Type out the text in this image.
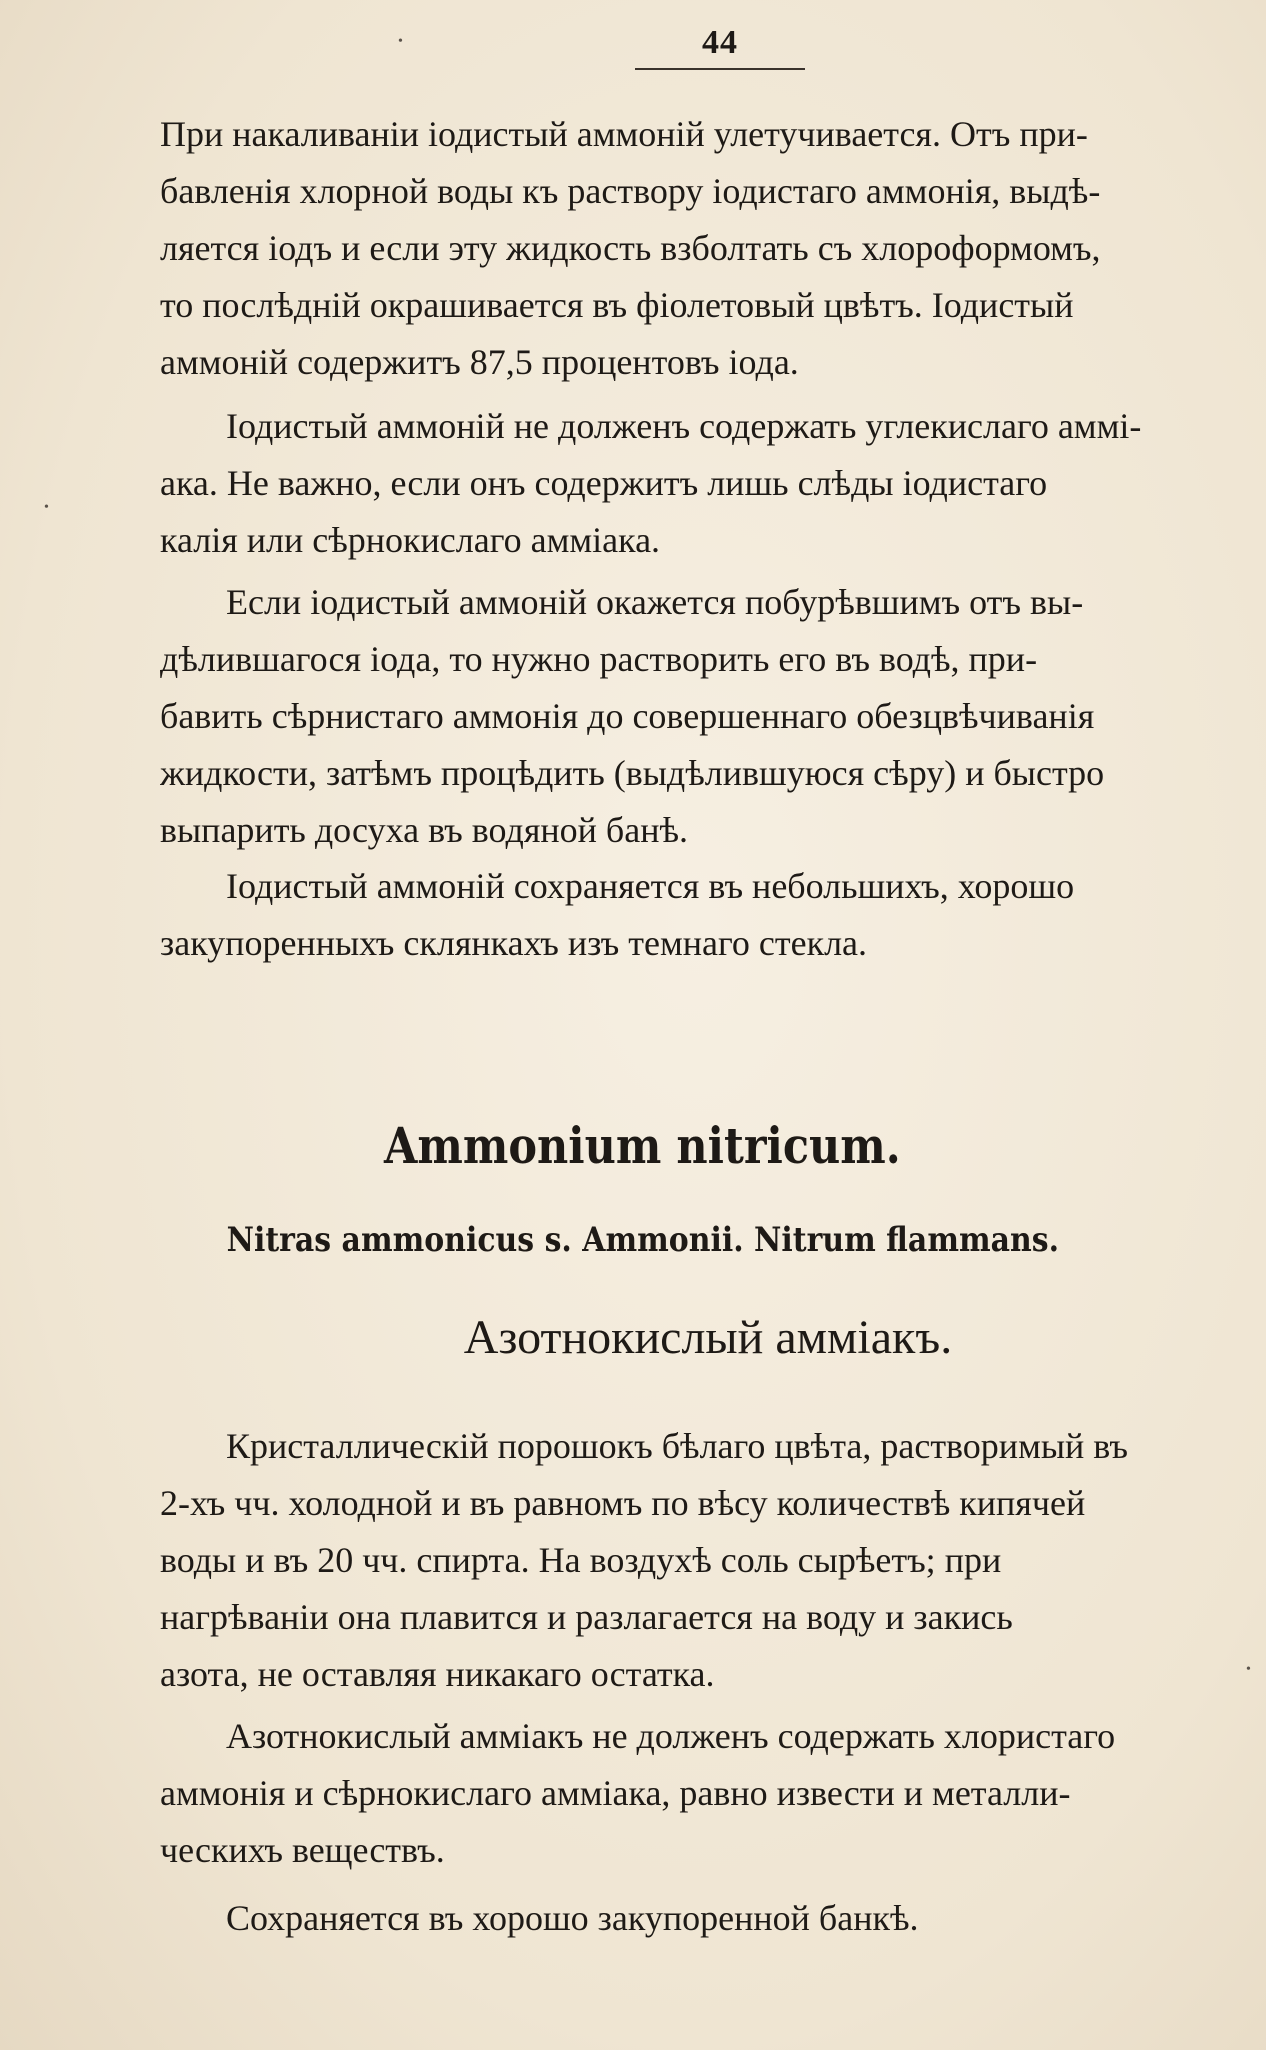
44
При накаливанiи iодистый аммонiй улетучивается. Отъ при-
бавленiя хлорной воды къ раствору iодистаго аммонiя, выдѣ-
ляется iодъ и если эту жидкость взболтать съ хлороформомъ,
то послѣднiй окрашивается въ фiолетовый цвѣтъ. Iодистый
аммонiй содержитъ 87,5 процентовъ iода.
Iодистый аммонiй не долженъ содержать углекислаго аммi-
ака. Не важно, если онъ содержитъ лишь слѣды iодистаго
калiя или сѣрнокислаго аммiака.
Если iодистый аммонiй окажется побурѣвшимъ отъ вы-
дѣлившагося iода, то нужно растворить его въ водѣ, при-
бавить сѣрнистаго аммонiя до совершеннаго обезцвѣчиванiя
жидкости, затѣмъ процѣдить (выдѣлившуюся сѣру) и быстро
выпарить досуха въ водяной банѣ.
Iодистый аммонiй сохраняется въ небольшихъ, хорошо
закупоренныхъ склянкахъ изъ темнаго стекла.
Ammonium nitricum.
Nitras ammonicus s. Ammonii. Nitrum flammans.
Азотнокислый аммiакъ.
Кристаллическiй порошокъ бѣлаго цвѣта, растворимый въ
2-хъ чч. холодной и въ равномъ по вѣсу количествѣ кипячей
воды и въ 20 чч. спирта. На воздухѣ соль сырѣетъ; при
нагрѣванiи она плавится и разлагается на воду и закись
азота, не оставляя никакаго остатка.
Азотнокислый аммiакъ не долженъ содержать хлористаго
аммонiя и сѣрнокислаго аммiака, равно извести и металли-
ческихъ веществъ.
Сохраняется въ хорошо закупоренной банкѣ.
•
•
•
